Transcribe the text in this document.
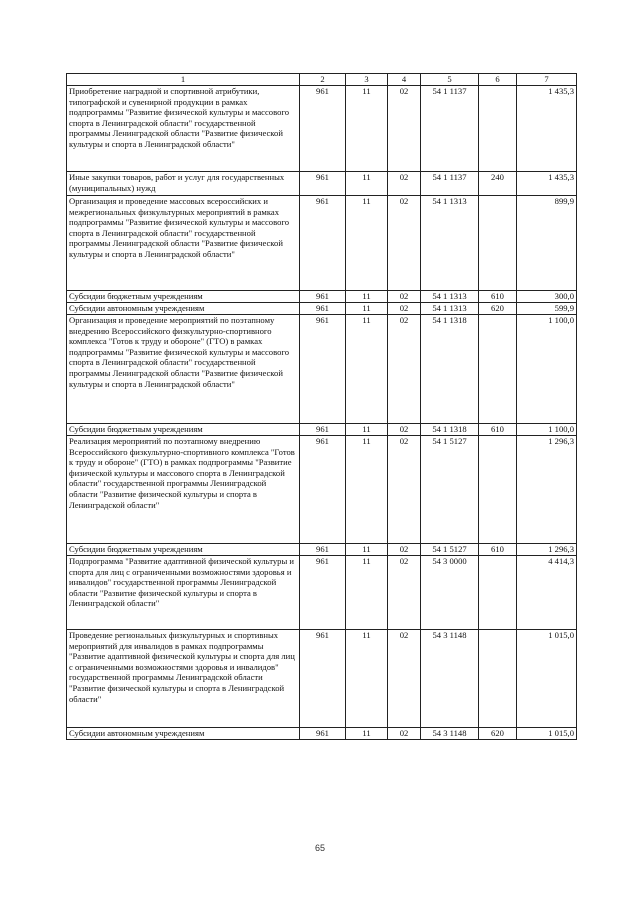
1	2	3	4	5	6	7
Приобретение наградной и спортивной атрибутики, типографской и сувенирной продукции в рамках подпрограммы "Развитие физической культуры и массового спорта в Ленинградской области" государственной программы Ленинградской области "Развитие физической культуры и спорта в Ленинградской области"	961	11	02	54 1 1137		1 435,3
Иные закупки товаров, работ и услуг для государственных (муниципальных) нужд	961	11	02	54 1 1137	240	1 435,3
Организация и проведение массовых всероссийских и межрегиональных физкультурных мероприятий в рамках подпрограммы "Развитие физической культуры и массового спорта в Ленинградской области" государственной программы Ленинградской области "Развитие физической культуры и спорта в Ленинградской области"	961	11	02	54 1 1313		899,9
Субсидии бюджетным учреждениям	961	11	02	54 1 1313	610	300,0
Субсидии автономным учреждениям	961	11	02	54 1 1313	620	599,9
Организация и проведение мероприятий по поэтапному внедрению Всероссийского физкультурно-спортивного комплекса "Готов к труду и обороне" (ГТО) в рамках подпрограммы "Развитие физической культуры и массового спорта в Ленинградской области" государственной программы Ленинградской области "Развитие физической культуры и спорта в Ленинградской области"	961	11	02	54 1 1318		1 100,0
Субсидии бюджетным учреждениям	961	11	02	54 1 1318	610	1 100,0
Реализация мероприятий по поэтапному внедрению Всероссийского физкультурно-спортивного комплекса "Готов к труду и обороне" (ГТО) в рамках подпрограммы "Развитие физической культуры и массового спорта в Ленинградской области" государственной программы Ленинградской области "Развитие физической культуры и спорта в Ленинградской области"	961	11	02	54 1 5127		1 296,3
Субсидии бюджетным учреждениям	961	11	02	54 1 5127	610	1 296,3
Подпрограмма "Развитие адаптивной физической культуры и спорта для лиц с ограниченными возможностями здоровья и инвалидов" государственной программы Ленинградской области "Развитие физической культуры и спорта в Ленинградской области"	961	11	02	54 3 0000		4 414,3
Проведение региональных физкультурных и спортивных мероприятий для инвалидов в рамках подпрограммы "Развитие адаптивной физической культуры и спорта для лиц с ограниченными возможностями здоровья и инвалидов" государственной программы Ленинградской области "Развитие физической культуры и спорта в Ленинградской области"	961	11	02	54 3 1148		1 015,0
Субсидии автономным учреждениям	961	11	02	54 3 1148	620	1 015,0
65
